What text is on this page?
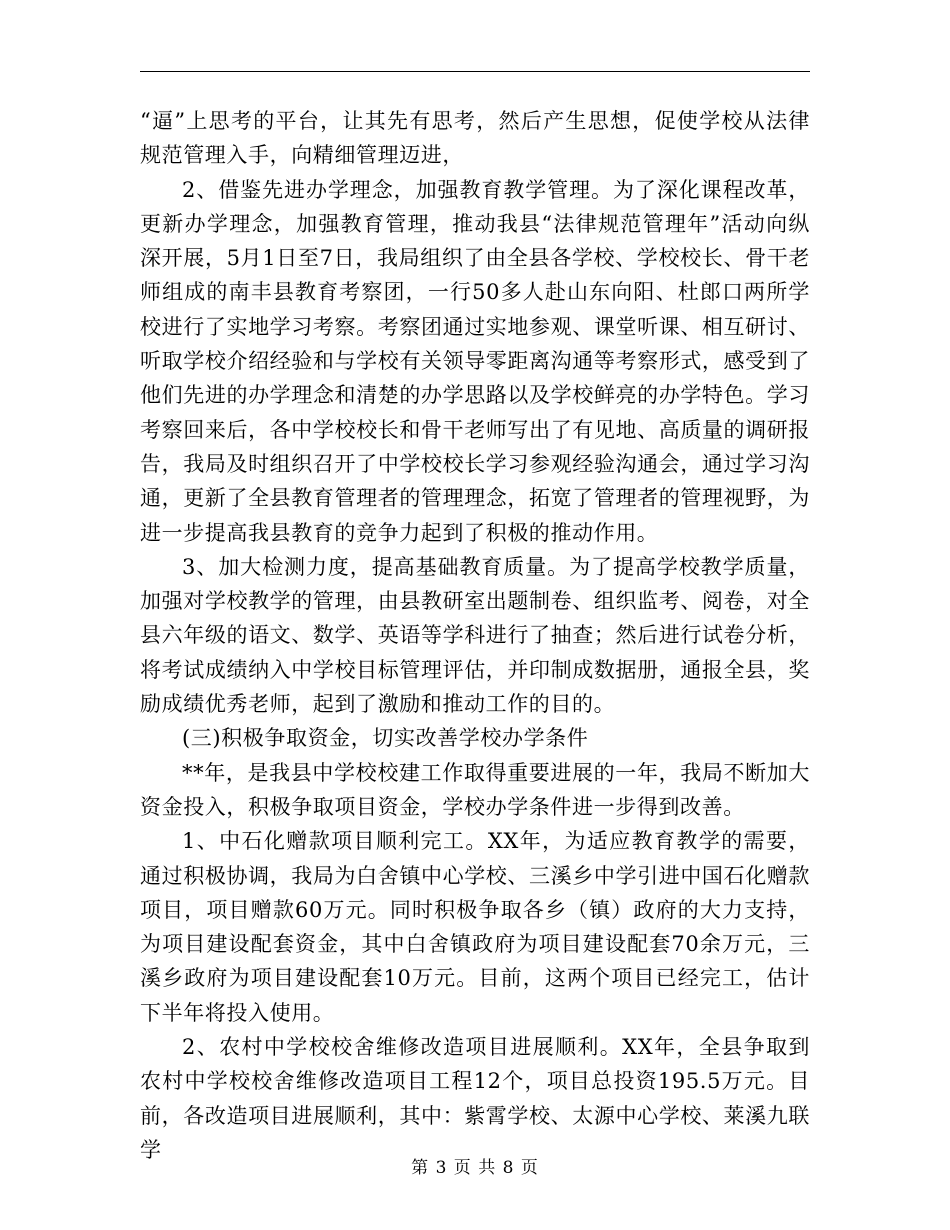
“逼”上思考的平台，让其先有思考，然后产生思想，促使学校从法律规范管理入手，向精细管理迈进，

2、借鉴先进办学理念，加强教育教学管理。为了深化课程改革，更新办学理念，加强教育管理，推动我县“法律规范管理年”活动向纵深开展，5月1日至7日，我局组织了由全县各学校、学校校长、骨干老师组成的南丰县教育考察团，一行50多人赴山东向阳、杜郎口两所学校进行了实地学习考察。考察团通过实地参观、课堂听课、相互研讨、听取学校介绍经验和与学校有关领导零距离沟通等考察形式，感受到了他们先进的办学理念和清楚的办学思路以及学校鲜亮的办学特色。学习考察回来后，各中学校校长和骨干老师写出了有见地、高质量的调研报告，我局及时组织召开了中学校校长学习参观经验沟通会，通过学习沟通，更新了全县教育管理者的管理理念，拓宽了管理者的管理视野，为进一步提高我县教育的竞争力起到了积极的推动作用。

3、加大检测力度，提高基础教育质量。为了提高学校教学质量，加强对学校教学的管理，由县教研室出题制卷、组织监考、阅卷，对全县六年级的语文、数学、英语等学科进行了抽查；然后进行试卷分析，将考试成绩纳入中学校目标管理评估，并印制成数据册，通报全县，奖励成绩优秀老师，起到了激励和推动工作的目的。

(三)积极争取资金，切实改善学校办学条件

**年，是我县中学校校建工作取得重要进展的一年，我局不断加大资金投入，积极争取项目资金，学校办学条件进一步得到改善。

1、中石化赠款项目顺利完工。XX年，为适应教育教学的需要，通过积极协调，我局为白舍镇中心学校、三溪乡中学引进中国石化赠款项目，项目赠款60万元。同时积极争取各乡（镇）政府的大力支持，为项目建设配套资金，其中白舍镇政府为项目建设配套70余万元，三溪乡政府为项目建设配套10万元。目前，这两个项目已经完工，估计下半年将投入使用。

2、农村中学校校舍维修改造项目进展顺利。XX年，全县争取到农村中学校校舍维修改造项目工程12个，项目总投资195.5万元。目前，各改造项目进展顺利，其中：紫霄学校、太源中心学校、莱溪九联学

第 3 页 共 8 页
